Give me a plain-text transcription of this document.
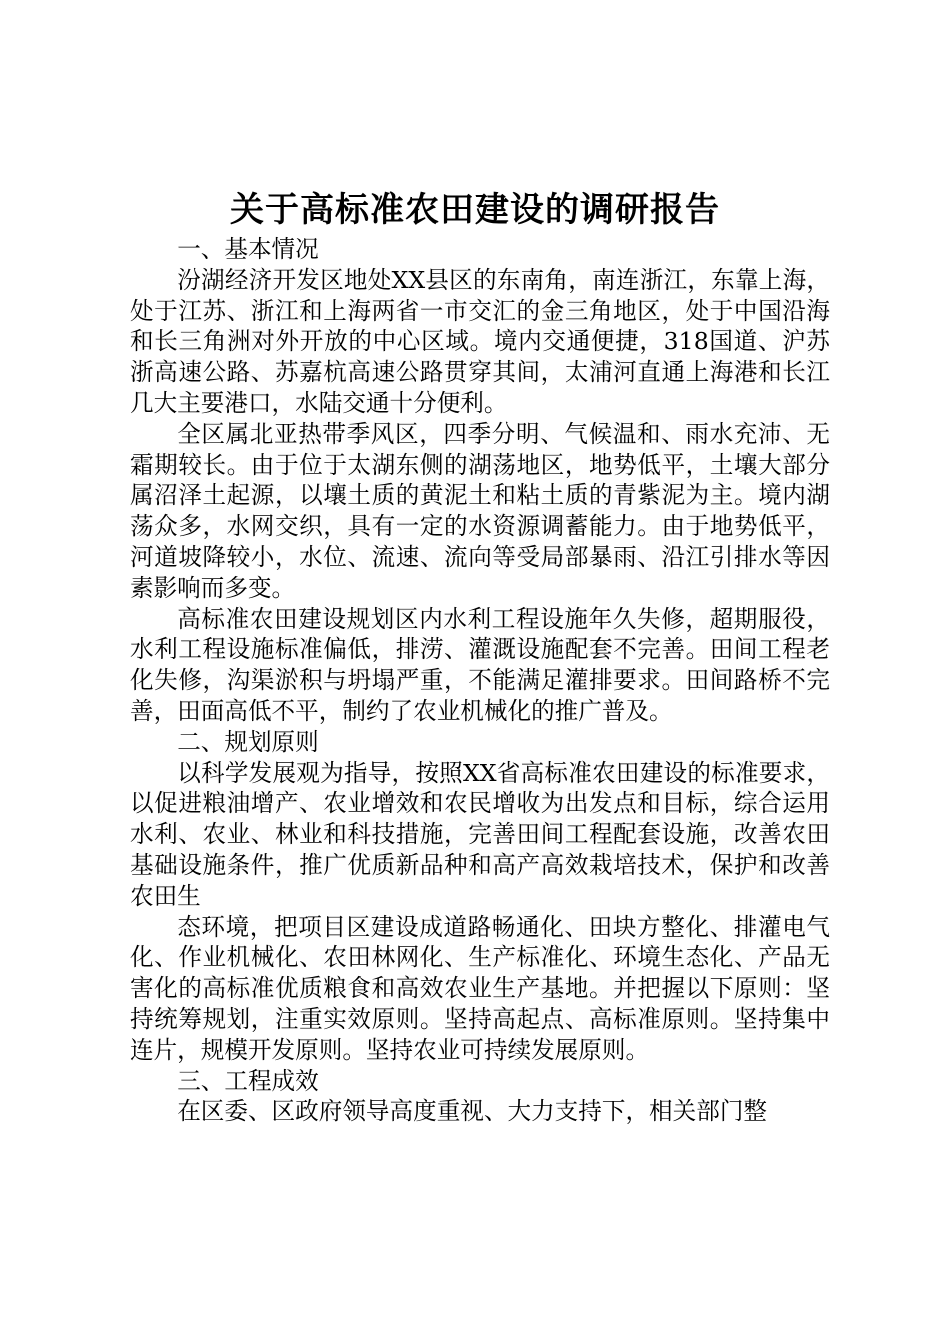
关于高标准农田建设的调研报告

一、基本情况

汾湖经济开发区地处XX县区的东南角，南连浙江，东靠上海，处于江苏、浙江和上海两省一市交汇的金三角地区，处于中国沿海和长三角洲对外开放的中心区域。境内交通便捷，318国道、沪苏浙高速公路、苏嘉杭高速公路贯穿其间，太浦河直通上海港和长江几大主要港口，水陆交通十分便利。

全区属北亚热带季风区，四季分明、气候温和、雨水充沛、无霜期较长。由于位于太湖东侧的湖荡地区，地势低平，土壤大部分属沼泽土起源，以壤土质的黄泥土和粘土质的青紫泥为主。境内湖荡众多，水网交织，具有一定的水资源调蓄能力。由于地势低平，河道坡降较小，水位、流速、流向等受局部暴雨、沿江引排水等因素影响而多变。

高标准农田建设规划区内水利工程设施年久失修，超期服役，水利工程设施标准偏低，排涝、灌溉设施配套不完善。田间工程老化失修，沟渠淤积与坍塌严重，不能满足灌排要求。田间路桥不完善，田面高低不平，制约了农业机械化的推广普及。

二、规划原则

以科学发展观为指导，按照XX省高标准农田建设的标准要求，以促进粮油增产、农业增效和农民增收为出发点和目标，综合运用水利、农业、林业和科技措施，完善田间工程配套设施，改善农田基础设施条件，推广优质新品种和高产高效栽培技术，保护和改善农田生

态环境，把项目区建设成道路畅通化、田块方整化、排灌电气化、作业机械化、农田林网化、生产标准化、环境生态化、产品无害化的高标准优质粮食和高效农业生产基地。并把握以下原则：坚持统筹规划，注重实效原则。坚持高起点、高标准原则。坚持集中连片，规模开发原则。坚持农业可持续发展原则。

三、工程成效

在区委、区政府领导高度重视、大力支持下，相关部门整
